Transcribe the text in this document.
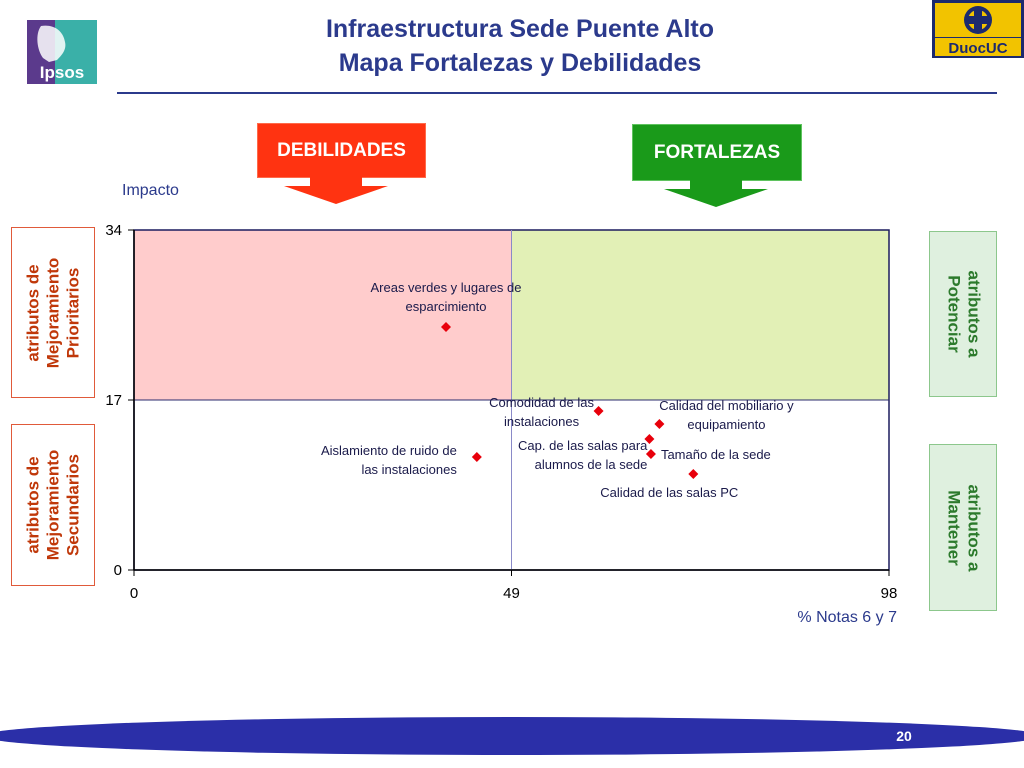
Ipsos
DuocUC
Infraestructura Sede Puente Alto
Mapa Fortalezas y Debilidades
DEBILIDADES	FORTALEZAS
Impacto
% Notas 6 y 7
atributos de Mejoramiento Prioritarios
atributos de Mejoramiento Secundarios
atributos a
Potenciar
atributos a
Mantener
0	49	98
0
17
34
Areas verdes y lugares de
esparcimiento
Aislamiento de ruido de
las instalaciones
Comodidad de las
instalaciones
Calidad del mobiliario y
equipamiento
Cap. de las salas para
alumnos de la sede
Tamaño de la sede
Calidad de las salas PC
20
